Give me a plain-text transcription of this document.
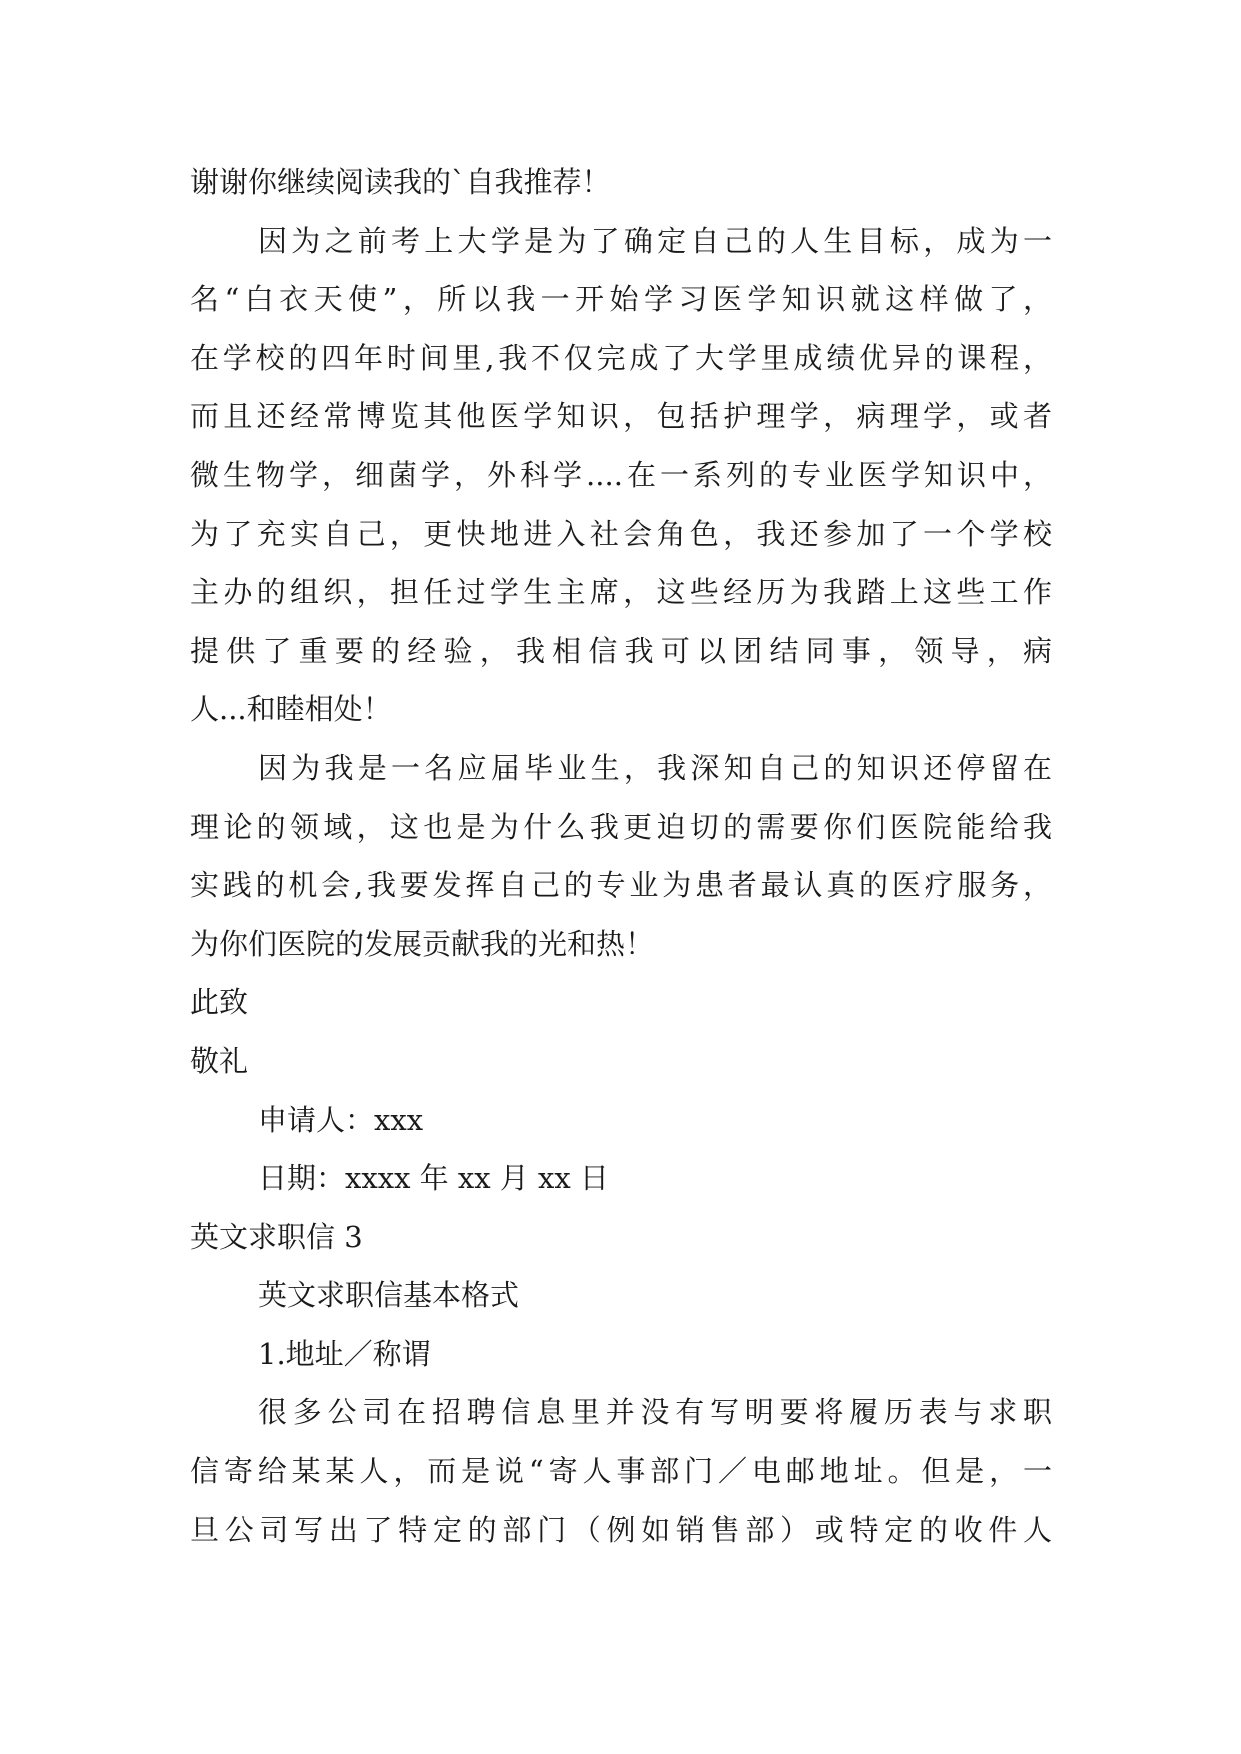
谢谢你继续阅读我的`自我推荐！
因为之前考上大学是为了确定自己的人生目标，成为一
名“白衣天使”，所以我一开始学习医学知识就这样做了，
在学校的四年时间里,我不仅完成了大学里成绩优异的课程，
而且还经常博览其他医学知识，包括护理学，病理学，或者
微生物学，细菌学，外科学....在一系列的专业医学知识中，
为了充实自己，更快地进入社会角色，我还参加了一个学校
主办的组织，担任过学生主席，这些经历为我踏上这些工作
提供了重要的经验，我相信我可以团结同事，领导，病
人...和睦相处！
因为我是一名应届毕业生，我深知自己的知识还停留在
理论的领域，这也是为什么我更迫切的需要你们医院能给我
实践的机会,我要发挥自己的专业为患者最认真的医疗服务，
为你们医院的发展贡献我的光和热！
此致
敬礼
申请人：xxx
日期：xxxx 年 xx 月 xx 日
英文求职信 3
英文求职信基本格式
1.地址／称谓
很多公司在招聘信息里并没有写明要将履历表与求职
信寄给某某人，而是说“寄人事部门／电邮地址。但是，一
旦公司写出了特定的部门（例如销售部）或特定的收件人
